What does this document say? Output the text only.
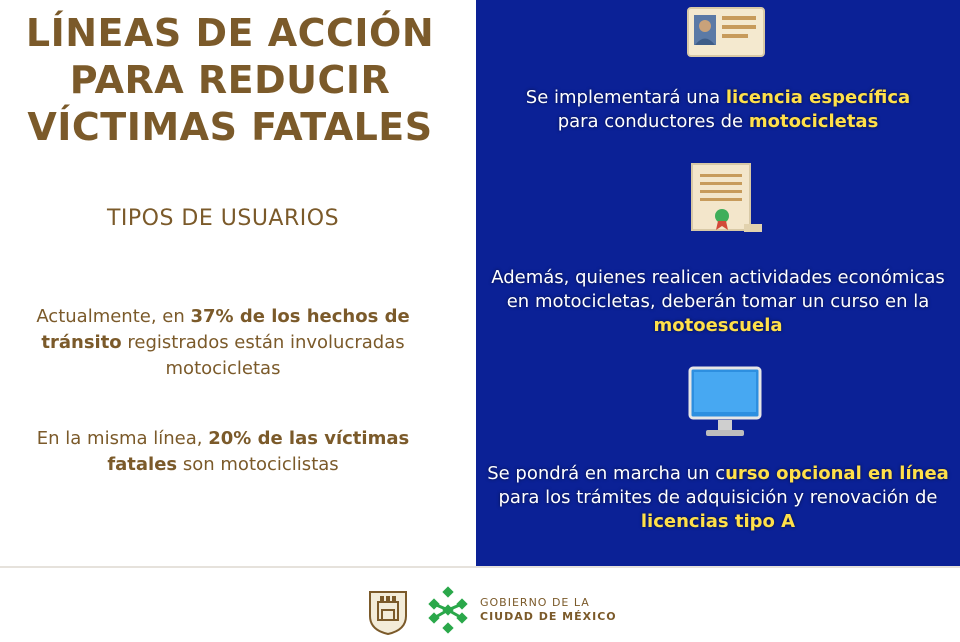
LÍNEAS DE ACCIÓN
PARA REDUCIR
VÍCTIMAS FATALES
TIPOS DE USUARIOS
Actualmente, en 37% de los hechos de tránsito registrados están involucradas motocicletas
En la misma línea, 20% de las víctimas fatales son motociclistas
Se implementará una licencia específica
para conductores de motocicletas
Además, quienes realicen actividades económicas en motocicletas, deberán tomar un curso en la motoescuela
Se pondrá en marcha un curso opcional en línea para los trámites de adquisición y renovación de licencias tipo A
GOBIERNO DE LA
CIUDAD DE MÉXICO
